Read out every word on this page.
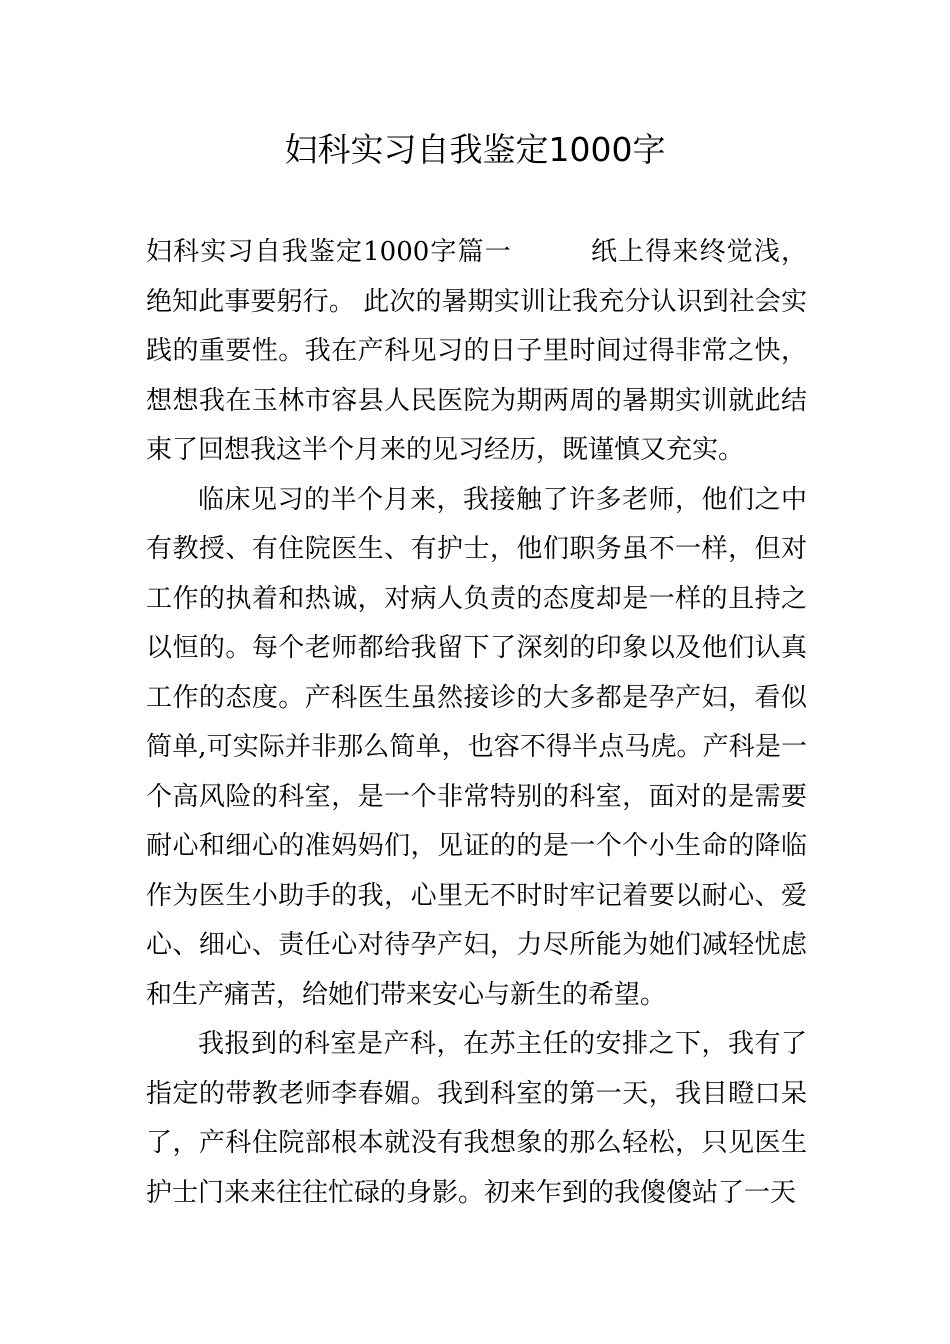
妇科实习自我鉴定1000字

妇科实习自我鉴定1000字篇一	纸上得来终觉浅，绝知此事要躬行。 此次的暑期实训让我充分认识到社会实践的重要性。我在产科见习的日子里时间过得非常之快，想想我在玉林市容县人民医院为期两周的暑期实训就此结束了回想我这半个月来的见习经历，既谨慎又充实。

临床见习的半个月来，我接触了许多老师，他们之中有教授、有住院医生、有护士，他们职务虽不一样，但对工作的执着和热诚，对病人负责的态度却是一样的且持之以恒的。每个老师都给我留下了深刻的印象以及他们认真工作的态度。产科医生虽然接诊的大多都是孕产妇，看似简单,可实际并非那么简单，也容不得半点马虎。产科是一个高风险的科室，是一个非常特别的科室，面对的是需要耐心和细心的准妈妈们，见证的的是一个个小生命的降临作为医生小助手的我，心里无不时时牢记着要以耐心、爱心、细心、责任心对待孕产妇，力尽所能为她们减轻忧虑和生产痛苦，给她们带来安心与新生的希望。

我报到的科室是产科，在苏主任的安排之下，我有了指定的带教老师李春媚。我到科室的第一天，我目瞪口呆了，产科住院部根本就没有我想象的那么轻松，只见医生护士门来来往往忙碌的身影。初来乍到的我傻傻站了一天
